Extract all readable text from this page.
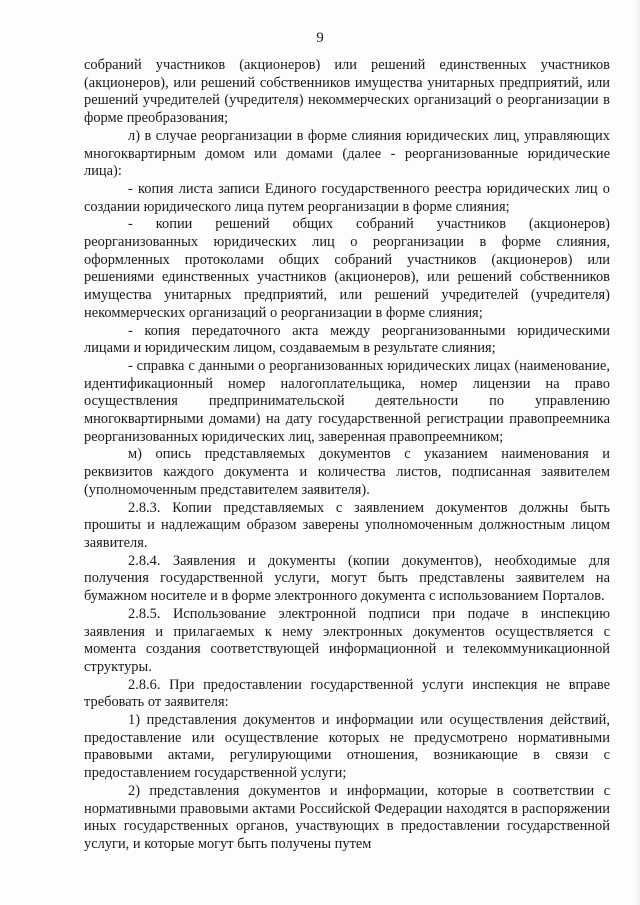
9

собраний участников (акционеров) или решений единственных участников (акционеров), или решений собственников имущества унитарных предприятий, или решений учредителей (учредителя) некоммерческих организаций о реорганизации в форме преобразования;

л) в случае реорганизации в форме слияния юридических лиц, управляющих многоквартирным домом или домами (далее - реорганизованные юридические лица):

- копия листа записи Единого государственного реестра юридических лиц о создании юридического лица путем реорганизации в форме слияния;

- копии решений общих собраний участников (акционеров) реорганизованных юридических лиц о реорганизации в форме слияния, оформленных протоколами общих собраний участников (акционеров) или решениями единственных участников (акционеров), или решений собственников имущества унитарных предприятий, или решений учредителей (учредителя) некоммерческих организаций о реорганизации в форме слияния;

- копия передаточного акта между реорганизованными юридическими лицами и юридическим лицом, создаваемым в результате слияния;

- справка с данными о реорганизованных юридических лицах (наименование, идентификационный номер налогоплательщика, номер лицензии на право осуществления предпринимательской деятельности по управлению многоквартирными домами) на дату государственной регистрации правопреемника реорганизованных юридических лиц, заверенная правопреемником;

м) опись представляемых документов с указанием наименования и реквизитов каждого документа и количества листов, подписанная заявителем (уполномоченным представителем заявителя).

2.8.3. Копии представляемых с заявлением документов должны быть прошиты и надлежащим образом заверены уполномоченным должностным лицом заявителя.

2.8.4. Заявления и документы (копии документов), необходимые для получения государственной услуги, могут быть представлены заявителем на бумажном носителе и в форме электронного документа с использованием Порталов.

2.8.5. Использование электронной подписи при подаче в инспекцию заявления и прилагаемых к нему электронных документов осуществляется с момента создания соответствующей информационной и телекоммуникационной структуры.

2.8.6. При предоставлении государственной услуги инспекция не вправе требовать от заявителя:

1) представления документов и информации или осуществления действий, предоставление или осуществление которых не предусмотрено нормативными правовыми актами, регулирующими отношения, возникающие в связи с предоставлением государственной услуги;

2) представления документов и информации, которые в соответствии с нормативными правовыми актами Российской Федерации находятся в распоряжении иных государственных органов, участвующих в предоставлении государственной услуги, и которые могут быть получены путем
